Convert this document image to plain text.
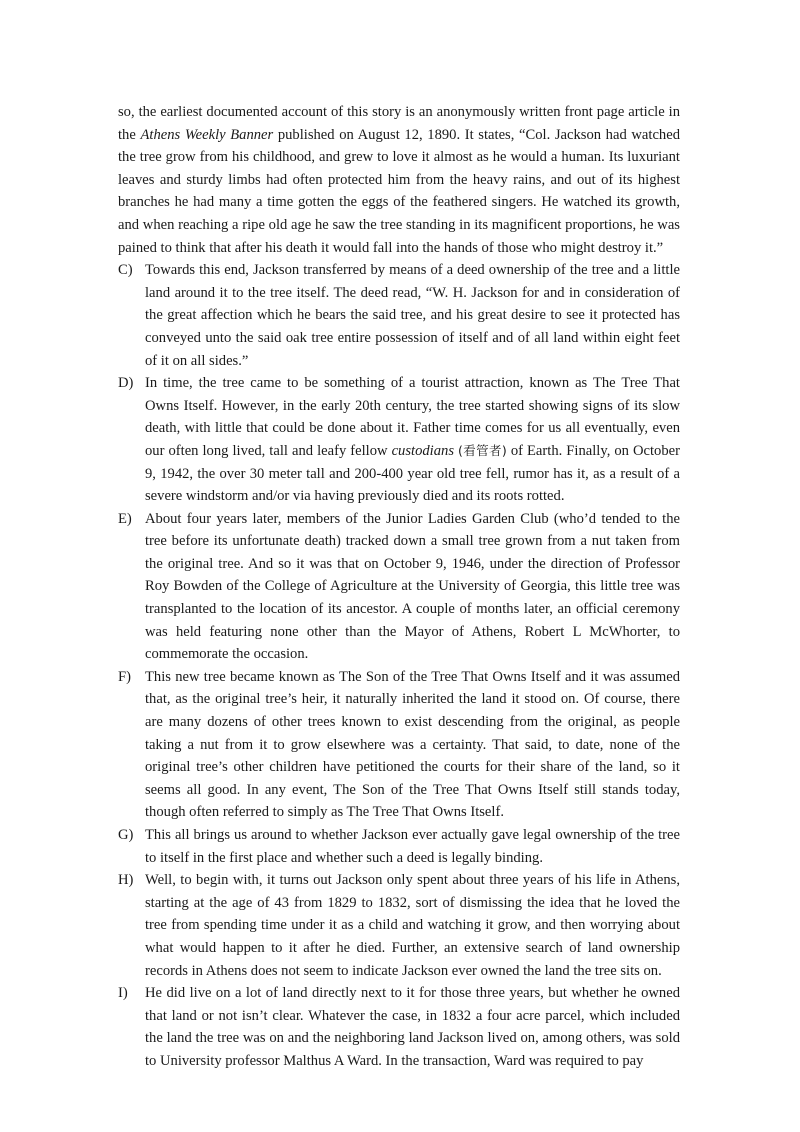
so, the earliest documented account of this story is an anonymously written front page article in the Athens Weekly Banner published on August 12, 1890. It states, “Col. Jackson had watched the tree grow from his childhood, and grew to love it almost as he would a human. Its luxuriant leaves and sturdy limbs had often protected him from the heavy rains, and out of its highest branches he had many a time gotten the eggs of the feathered singers. He watched its growth, and when reaching a ripe old age he saw the tree standing in its magnificent proportions, he was pained to think that after his death it would fall into the hands of those who might destroy it.”

C) Towards this end, Jackson transferred by means of a deed ownership of the tree and a little land around it to the tree itself. The deed read, “W. H. Jackson for and in consideration of the great affection which he bears the said tree, and his great desire to see it protected has conveyed unto the said oak tree entire possession of itself and of all land within eight feet of it on all sides.”
D) In time, the tree came to be something of a tourist attraction, known as The Tree That Owns Itself. However, in the early 20th century, the tree started showing signs of its slow death, with little that could be done about it. Father time comes for us all eventually, even our often long lived, tall and leafy fellow custodians (看管者) of Earth. Finally, on October 9, 1942, the over 30 meter tall and 200-400 year old tree fell, rumor has it, as a result of a severe windstorm and/or via having previously died and its roots rotted.
E) About four years later, members of the Junior Ladies Garden Club (who’d tended to the tree before its unfortunate death) tracked down a small tree grown from a nut taken from the original tree. And so it was that on October 9, 1946, under the direction of Professor Roy Bowden of the College of Agriculture at the University of Georgia, this little tree was transplanted to the location of its ancestor. A couple of months later, an official ceremony was held featuring none other than the Mayor of Athens, Robert L McWhorter, to commemorate the occasion.
F) This new tree became known as The Son of the Tree That Owns Itself and it was assumed that, as the original tree’s heir, it naturally inherited the land it stood on. Of course, there are many dozens of other trees known to exist descending from the original, as people taking a nut from it to grow elsewhere was a certainty. That said, to date, none of the original tree’s other children have petitioned the courts for their share of the land, so it seems all good. In any event, The Son of the Tree That Owns Itself still stands today, though often referred to simply as The Tree That Owns Itself.
G) This all brings us around to whether Jackson ever actually gave legal ownership of the tree to itself in the first place and whether such a deed is legally binding.
H) Well, to begin with, it turns out Jackson only spent about three years of his life in Athens, starting at the age of 43 from 1829 to 1832, sort of dismissing the idea that he loved the tree from spending time under it as a child and watching it grow, and then worrying about what would happen to it after he died. Further, an extensive search of land ownership records in Athens does not seem to indicate Jackson ever owned the land the tree sits on.
I)	He did live on a lot of land directly next to it for those three years, but whether he owned that land or not isn’t clear. Whatever the case, in 1832 a four acre parcel, which included the land the tree was on and the neighboring land Jackson lived on, among others, was sold to University professor Malthus A Ward. In the transaction, Ward was required to pay
